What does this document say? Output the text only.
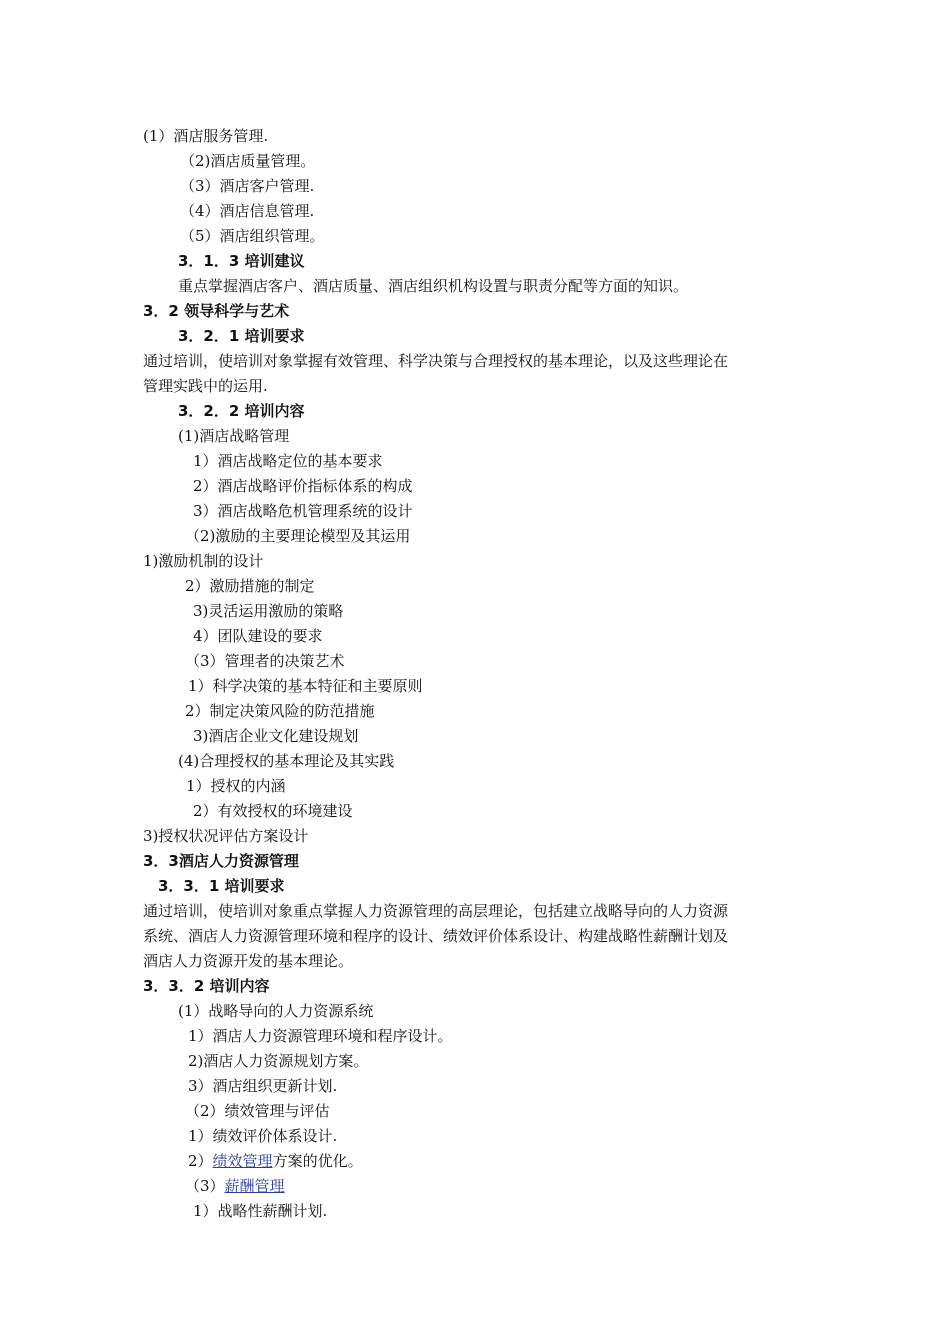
(1）酒店服务管理.
（2)酒店质量管理。
（3）酒店客户管理.
（4）酒店信息管理.
（5）酒店组织管理。
3．1．3 培训建议
重点掌握酒店客户、酒店质量、酒店组织机构设置与职责分配等方面的知识。
3．2 领导科学与艺术
3．2．1 培训要求
通过培训，使培训对象掌握有效管理、科学决策与合理授权的基本理论，以及这些理论在
管理实践中的运用.
3．2．2 培训内容
(1)酒店战略管理
1）酒店战略定位的基本要求
2）酒店战略评价指标体系的构成
3）酒店战略危机管理系统的设计
（2)激励的主要理论模型及其运用
1)激励机制的设计
2）激励措施的制定
3)灵活运用激励的策略
4）团队建设的要求
（3）管理者的决策艺术
1）科学决策的基本特征和主要原则
2）制定决策风险的防范措施
3)酒店企业文化建设规划
(4)合理授权的基本理论及其实践
1）授权的内涵
2）有效授权的环境建设
3)授权状况评估方案设计
3．3酒店人力资源管理
3．3．1 培训要求
通过培训，使培训对象重点掌握人力资源管理的高层理论，包括建立战略导向的人力资源
系统、酒店人力资源管理环境和程序的设计、绩效评价体系设计、构建战略性薪酬计划及
酒店人力资源开发的基本理论。
3．3．2 培训内容
(1）战略导向的人力资源系统
1）酒店人力资源管理环境和程序设计。
2)酒店人力资源规划方案。
3）酒店组织更新计划.
（2）绩效管理与评估
1）绩效评价体系设计.
2）绩效管理方案的优化。
（3）薪酬管理
1）战略性薪酬计划.
